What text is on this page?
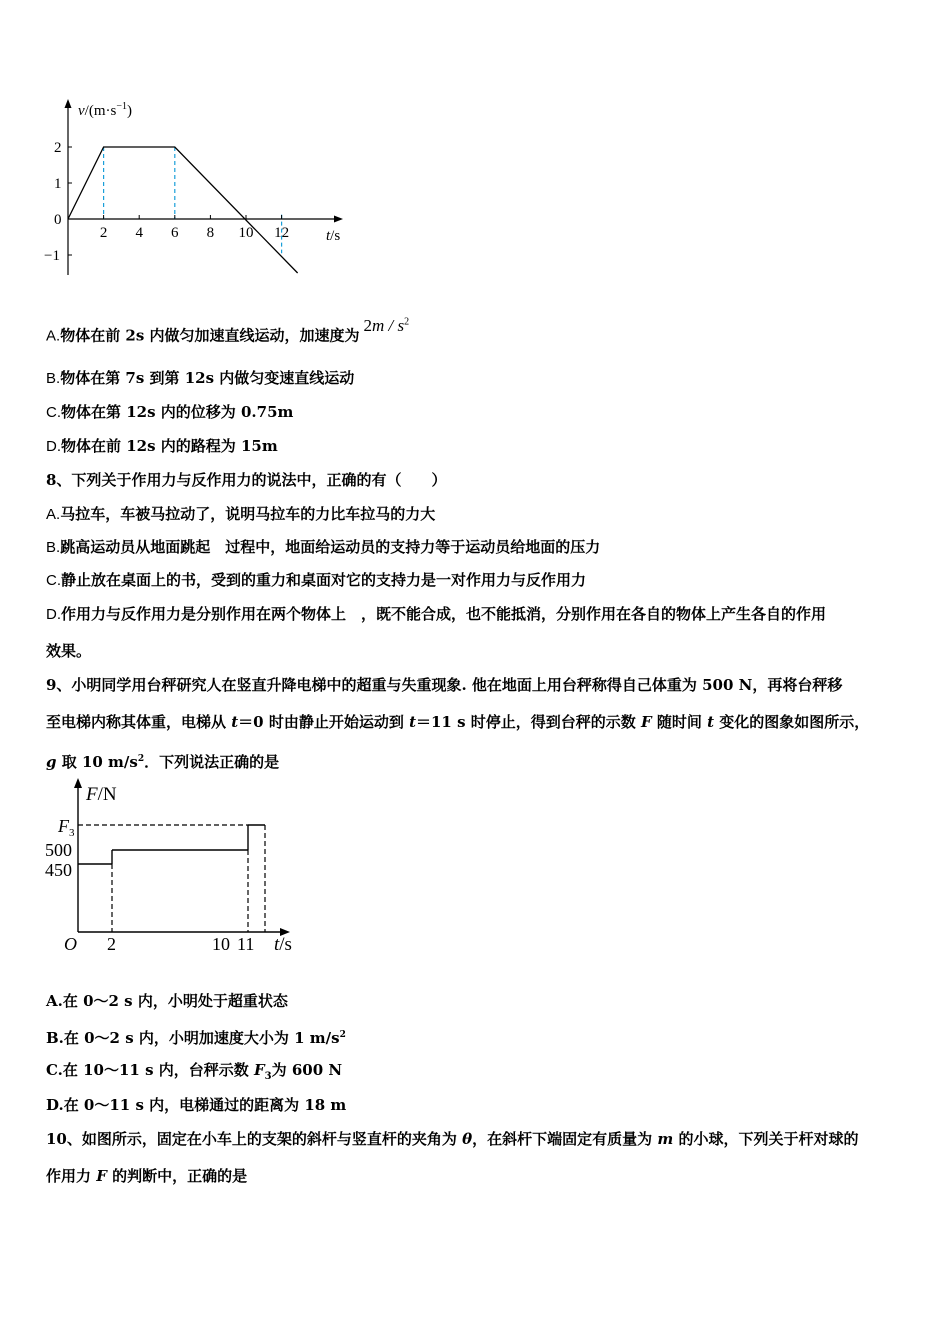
2 4 6 8 10 12
2
1
0
−1
$v/(m\cdot s^{-1})$
t/s
A.物体在前 2s 内做匀加速直线运动，加速度为$2m / s^2$
B.物体在第 7s 到第 12s 内做匀变速直线运动
C.物体在第 12s 内的位移为 0.75m
D.物体在前 12s 内的路程为 15m
8、下列关于作用力与反作用力的说法中，正确的有（　　）
A.马拉车，车被马拉动了，说明马拉车的力比车拉马的力大
B.跳高运动员从地面跳起　过程中，地面给运动员的支持力等于运动员给地面的压力
C.静止放在桌面上的书，受到的重力和桌面对它的支持力是一对作用力与反作用力
D.作用力与反作用力是分别作用在两个物体上　，既不能合成，也不能抵消，分别作用在各自的物体上产生各自的作用
效果。
9、小明同学用台秤研究人在竖直升降电梯中的超重与失重现象. 他在地面上用台秤称得自己体重为 500 N，再将台秤移
至电梯内称其体重，电梯从 t＝0 时由静止开始运动到 t＝11 s 时停止，得到台秤的示数 F 随时间 t 变化的图象如图所示，
g 取 10 $m/s^2$．下列说法正确的是
F/N
$F_3$
500
450
O 2	10 11 t/s
A.在 0～2 s 内，小明处于超重状态
B.在 0～2 s 内，小明加速度大小为 1 $m/s^2$
C.在 10～11 s 内，台秤示数 $F_3$为 600 N
D.在 0～11 s 内，电梯通过的距离为 18 m
10、如图所示，固定在小车上的支架的斜杆与竖直杆的夹角为 θ，在斜杆下端固定有质量为 m 的小球，下列关于杆对球的
作用力 F 的判断中，正确的是
